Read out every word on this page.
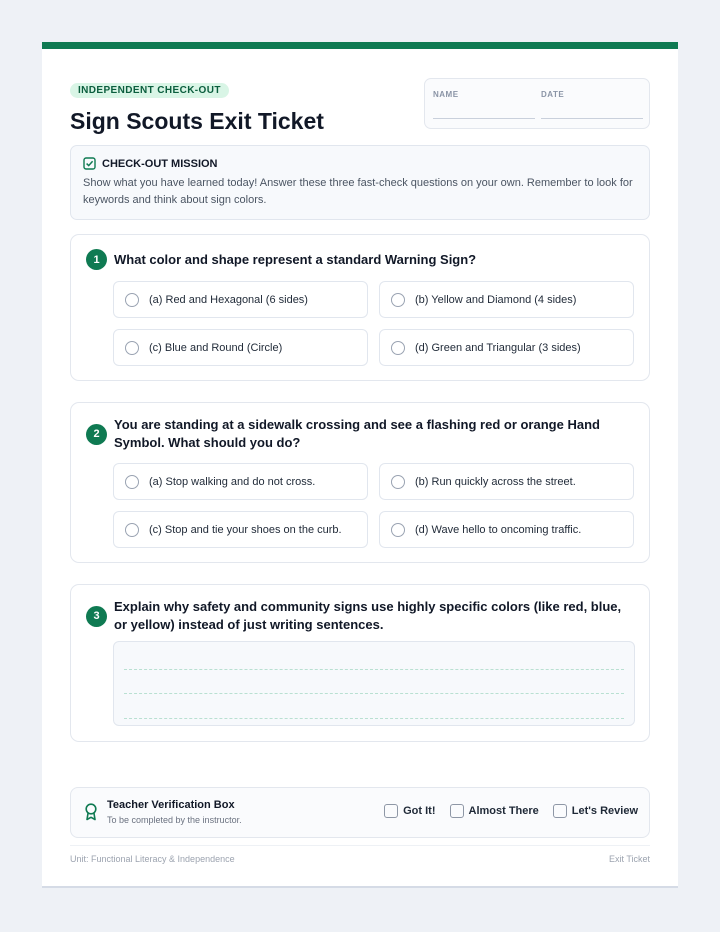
INDEPENDENT CHECK-OUT
Sign Scouts Exit Ticket
NAME	DATE
CHECK-OUT MISSION
Show what you have learned today! Answer these three fast-check questions on your own. Remember to look for keywords and think about sign colors.
1	What color and shape represent a standard Warning Sign?
(a) Red and Hexagonal (6 sides)	(b) Yellow and Diamond (4 sides)
(c) Blue and Round (Circle)	(d) Green and Triangular (3 sides)
2
You are standing at a sidewalk crossing and see a flashing red or orange Hand Symbol. What should you do?
(a) Stop walking and do not cross.	(b) Run quickly across the street.
(c) Stop and tie your shoes on the curb.	(d) Wave hello to oncoming traffic.
3
Explain why safety and community signs use highly specific colors (like red, blue, or yellow) instead of just writing sentences.
Teacher Verification Box
To be completed by the instructor.
Got It!	Almost There	Let's Review
Unit: Functional Literacy & Independence	Exit Ticket
